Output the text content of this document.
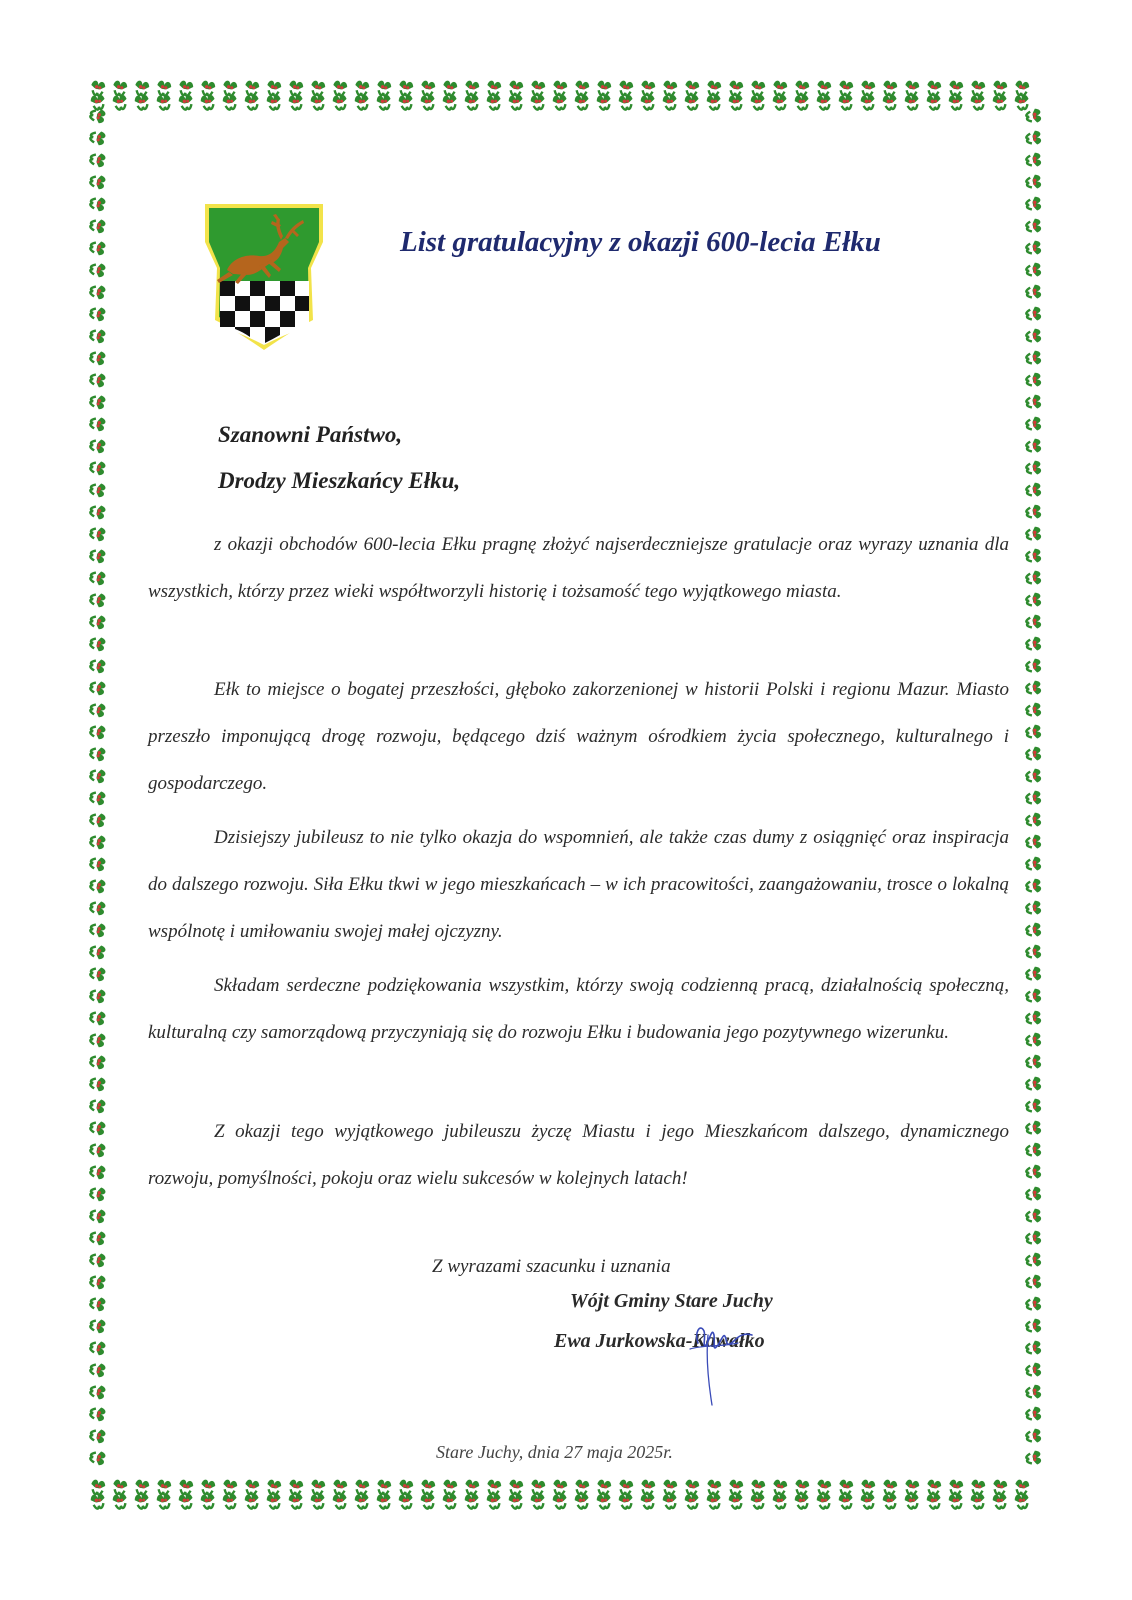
List gratulacyjny z okazji 600-lecia Ełku

Szanowni Państwo,

Drodzy Mieszkańcy Ełku,

z okazji obchodów 600-lecia Ełku pragnę złożyć najserdeczniejsze gratulacje oraz wyrazy uznania dla wszystkich, którzy przez wieki współtworzyli historię i tożsamość tego wyjątkowego miasta.

Ełk to miejsce o bogatej przeszłości, głęboko zakorzenionej w historii Polski i regionu Mazur. Miasto przeszło imponującą drogę rozwoju, będącego dziś ważnym ośrodkiem życia społecznego, kulturalnego i gospodarczego.

Dzisiejszy jubileusz to nie tylko okazja do wspomnień, ale także czas dumy z osiągnięć oraz inspiracja do dalszego rozwoju. Siła Ełku tkwi w jego mieszkańcach – w ich pracowitości, zaangażowaniu, trosce o lokalną wspólnotę i umiłowaniu swojej małej ojczyzny.

Składam serdeczne podziękowania wszystkim, którzy swoją codzienną pracą, działalnością społeczną, kulturalną czy samorządową przyczyniają się do rozwoju Ełku i budowania jego pozytywnego wizerunku.

Z okazji tego wyjątkowego jubileuszu życzę Miastu i jego Mieszkańcom dalszego, dynamicznego rozwoju, pomyślności, pokoju oraz wielu sukcesów w kolejnych latach!

Z wyrazami szacunku i uznania

Wójt Gminy Stare Juchy

Ewa Jurkowska-Kawałko

Stare Juchy, dnia 27 maja 2025r.
